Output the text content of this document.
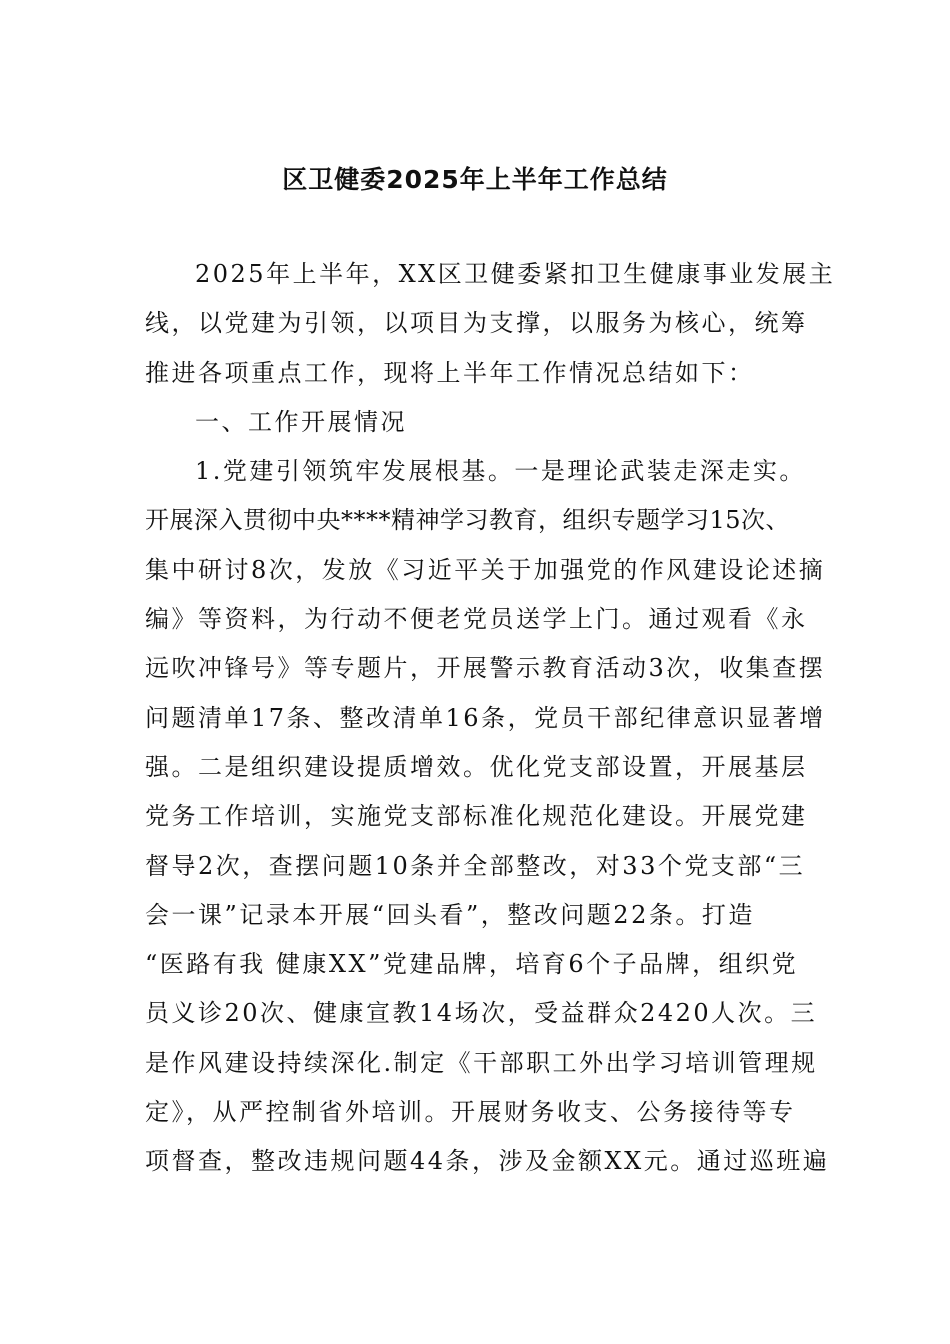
区卫健委2025年上半年工作总结

2025年上半年，XX区卫健委紧扣卫生健康事业发展主

线，以党建为引领，以项目为支撑，以服务为核心，统筹

推进各项重点工作，现将上半年工作情况总结如下：

一、工作开展情况

1.党建引领筑牢发展根基。一是理论武装走深走实。

开展深入贯彻中央****精神学习教育，组织专题学习15次、

集中研讨8次，发放《习近平关于加强党的作风建设论述摘

编》等资料，为行动不便老党员送学上门。通过观看《永

远吹冲锋号》等专题片，开展警示教育活动3次，收集查摆

问题清单17条、整改清单16条，党员干部纪律意识显著增

强。二是组织建设提质增效。优化党支部设置，开展基层

党务工作培训，实施党支部标准化规范化建设。开展党建

督导2次，查摆问题10条并全部整改，对33个党支部“三

会一课”记录本开展“回头看”，整改问题22条。打造

“医路有我 健康XX”党建品牌，培育6个子品牌，组织党

员义诊20次、健康宣教14场次，受益群众2420人次。三

是作风建设持续深化.制定《干部职工外出学习培训管理规

定》，从严控制省外培训。开展财务收支、公务接待等专

项督查，整改违规问题44条，涉及金额XX元。通过巡班遍
